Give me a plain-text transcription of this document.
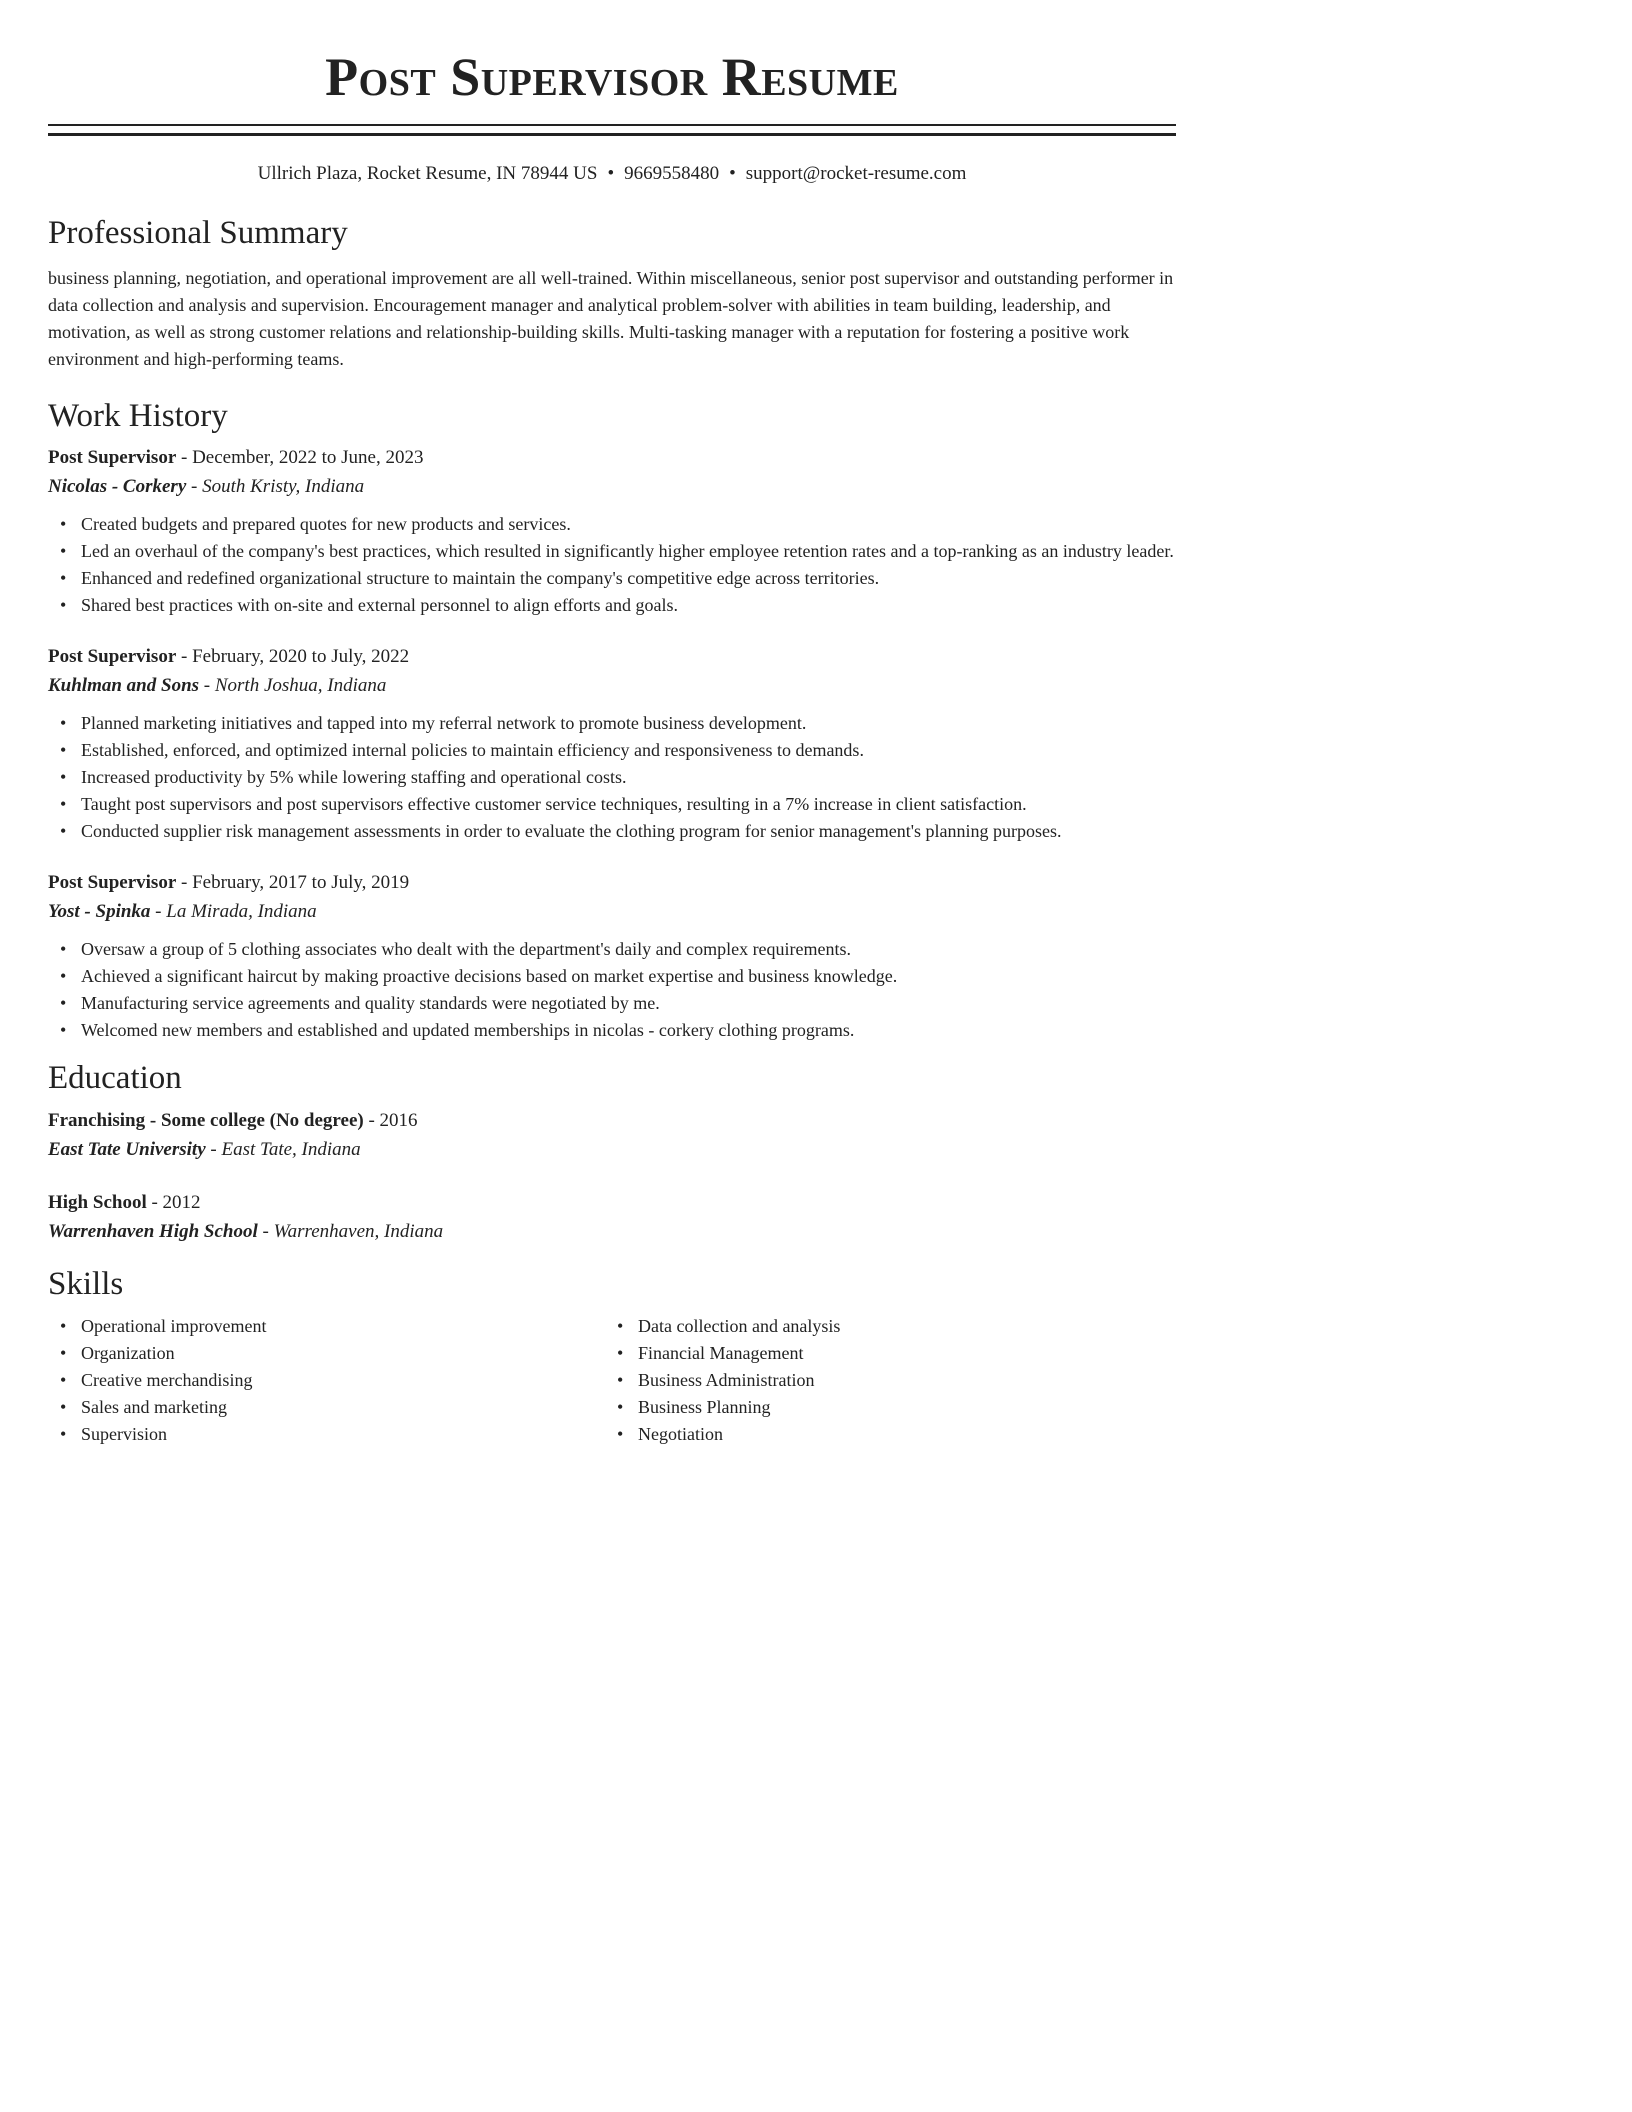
Post Supervisor Resume
Ullrich Plaza, Rocket Resume, IN 78944 US • 9669558480 • support@rocket-resume.com
Professional Summary
business planning, negotiation, and operational improvement are all well-trained. Within miscellaneous, senior post supervisor and outstanding performer in data collection and analysis and supervision. Encouragement manager and analytical problem-solver with abilities in team building, leadership, and motivation, as well as strong customer relations and relationship-building skills. Multi-tasking manager with a reputation for fostering a positive work environment and high-performing teams.
Work History
Post Supervisor - December, 2022 to June, 2023
Nicolas - Corkery - South Kristy, Indiana
• Created budgets and prepared quotes for new products and services.
• Led an overhaul of the company's best practices, which resulted in significantly higher employee retention rates and a top-ranking as an industry leader.
• Enhanced and redefined organizational structure to maintain the company's competitive edge across territories.
• Shared best practices with on-site and external personnel to align efforts and goals.
Post Supervisor - February, 2020 to July, 2022
Kuhlman and Sons - North Joshua, Indiana
• Planned marketing initiatives and tapped into my referral network to promote business development.
• Established, enforced, and optimized internal policies to maintain efficiency and responsiveness to demands.
• Increased productivity by 5% while lowering staffing and operational costs.
• Taught post supervisors and post supervisors effective customer service techniques, resulting in a 7% increase in client satisfaction.
• Conducted supplier risk management assessments in order to evaluate the clothing program for senior management's planning purposes.
Post Supervisor - February, 2017 to July, 2019
Yost - Spinka - La Mirada, Indiana
• Oversaw a group of 5 clothing associates who dealt with the department's daily and complex requirements.
• Achieved a significant haircut by making proactive decisions based on market expertise and business knowledge.
• Manufacturing service agreements and quality standards were negotiated by me.
• Welcomed new members and established and updated memberships in nicolas - corkery clothing programs.
Education
Franchising - Some college (No degree) - 2016
East Tate University - East Tate, Indiana
High School - 2012
Warrenhaven High School - Warrenhaven, Indiana
Skills
• Operational improvement
• Organization
• Creative merchandising
• Sales and marketing
• Supervision
• Data collection and analysis
• Financial Management
• Business Administration
• Business Planning
• Negotiation
